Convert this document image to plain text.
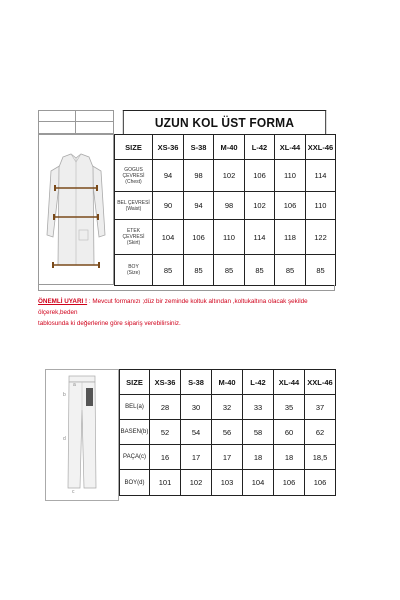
UZUN KOL ÜST FORMA
SIZE	XS-36	S-38	M-40	L-42	XL-44	XXL-46

GOGUS
ÇEVRESİ
(Chest)	94	98	102	106	110	114

BEL ÇEVRESİ
(Waist)	90	94	98	102	106	110

ETEK
ÇEVRESİ
(Skirt)	104	106	110	114	118	122

BOY
(Size)	85	85	85	85	85	85
ÖNEMLİ UYARI ! : Mevcut formanızı ;düz bir zeminde koltuk altından ,koltukaltına olacak şekilde ölçerek,beden
tablosunda ki değerlerine göre sipariş verebilirsiniz.
a
b
c
d
SIZE	XS-36	S-38	M-40	L-42	XL-44	XXL-46
BEL(a)	28	30	32	33	35	37
BASEN(b)	52	54	56	58	60	62
PAÇA(c)	16	17	17	18	18	18,5
BOY(d)	101	102	103	104	106	106
